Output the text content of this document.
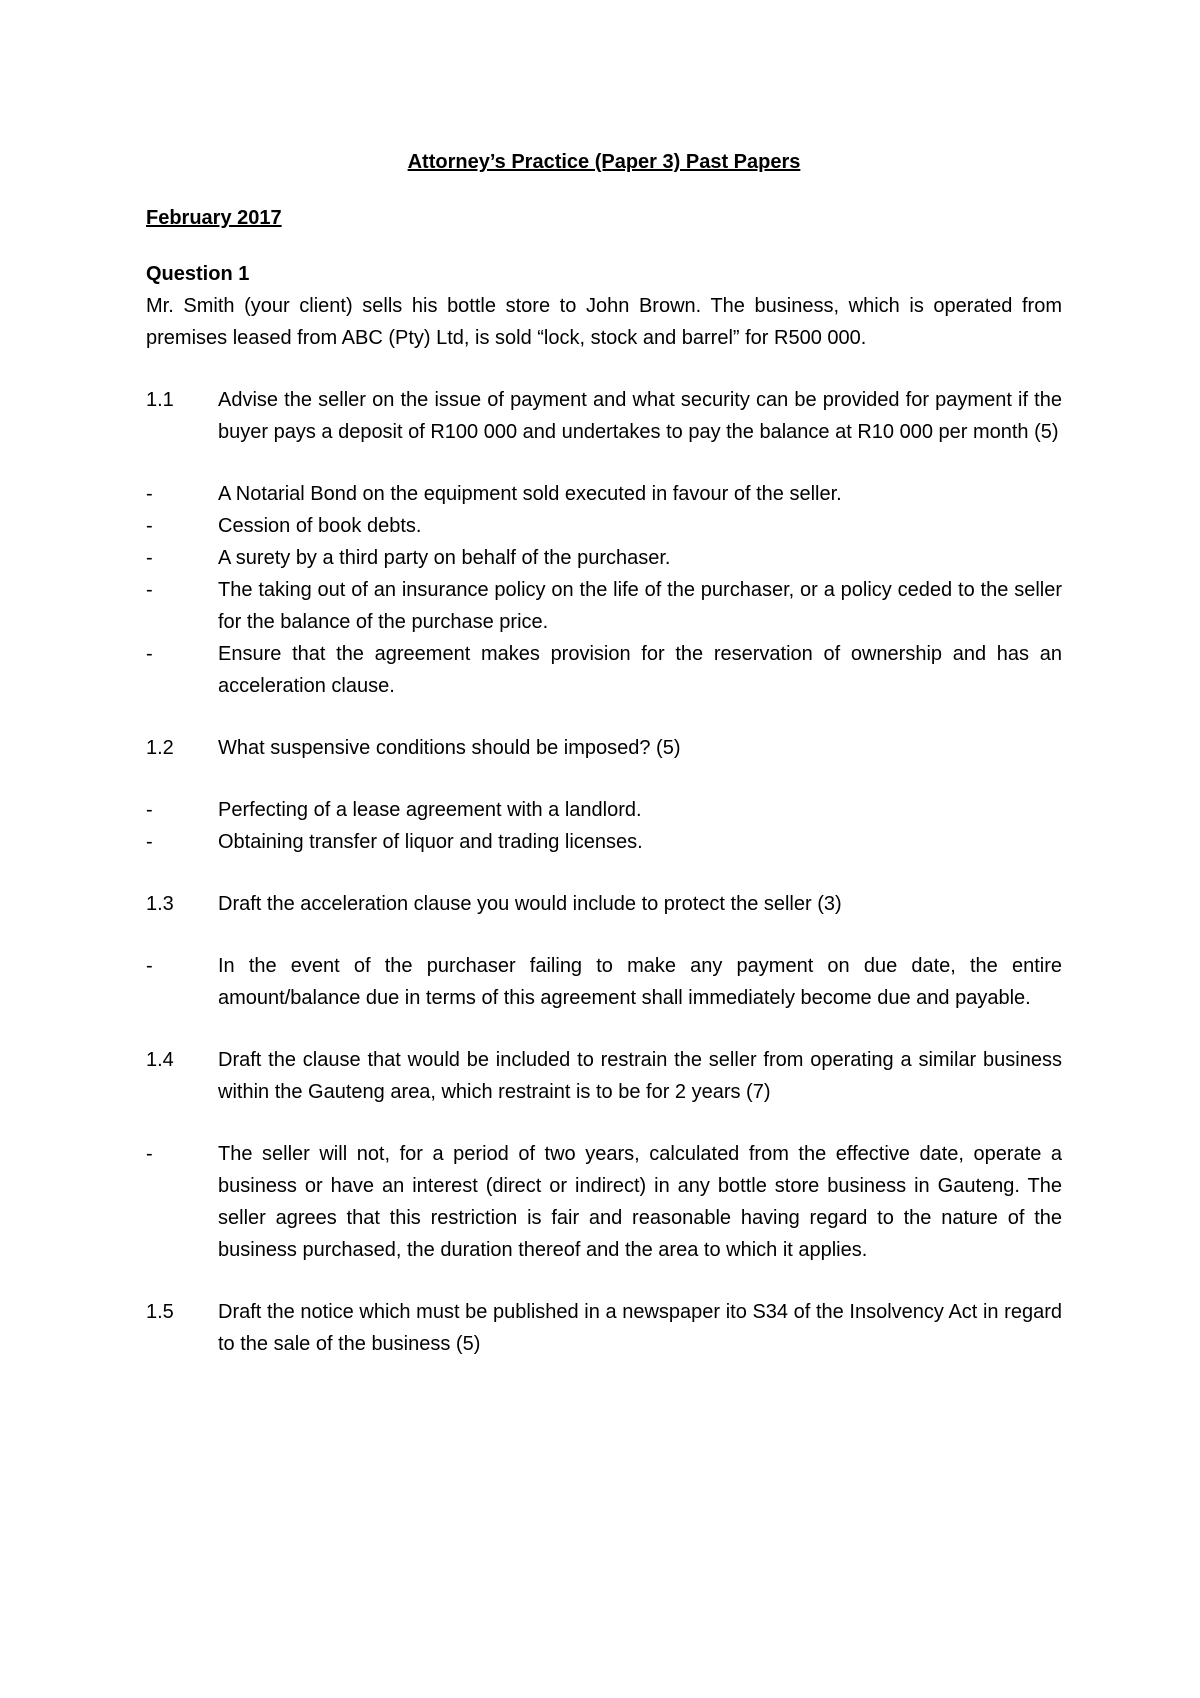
Attorney’s Practice (Paper 3) Past Papers
February 2017
Question 1
Mr. Smith (your client) sells his bottle store to John Brown. The business, which is operated from premises leased from ABC (Pty) Ltd, is sold “lock, stock and barrel” for R500 000.
1.1	Advise the seller on the issue of payment and what security can be provided for payment if the buyer pays a deposit of R100 000 and undertakes to pay the balance at R10 000 per month (5)
-	A Notarial Bond on the equipment sold executed in favour of the seller.
-	Cession of book debts.
-	A surety by a third party on behalf of the purchaser.
-	The taking out of an insurance policy on the life of the purchaser, or a policy ceded to the seller for the balance of the purchase price.
-	Ensure that the agreement makes provision for the reservation of ownership and has an acceleration clause.
1.2	What suspensive conditions should be imposed? (5)
-	Perfecting of a lease agreement with a landlord.
-	Obtaining transfer of liquor and trading licenses.
1.3	Draft the acceleration clause you would include to protect the seller (3)
-	In the event of the purchaser failing to make any payment on due date, the entire amount/balance due in terms of this agreement shall immediately become due and payable.
1.4	Draft the clause that would be included to restrain the seller from operating a similar business within the Gauteng area, which restraint is to be for 2 years (7)
-	The seller will not, for a period of two years, calculated from the effective date, operate a business or have an interest (direct or indirect) in any bottle store business in Gauteng. The seller agrees that this restriction is fair and reasonable having regard to the nature of the business purchased, the duration thereof and the area to which it applies.
1.5	Draft the notice which must be published in a newspaper ito S34 of the Insolvency Act in regard to the sale of the business (5)
